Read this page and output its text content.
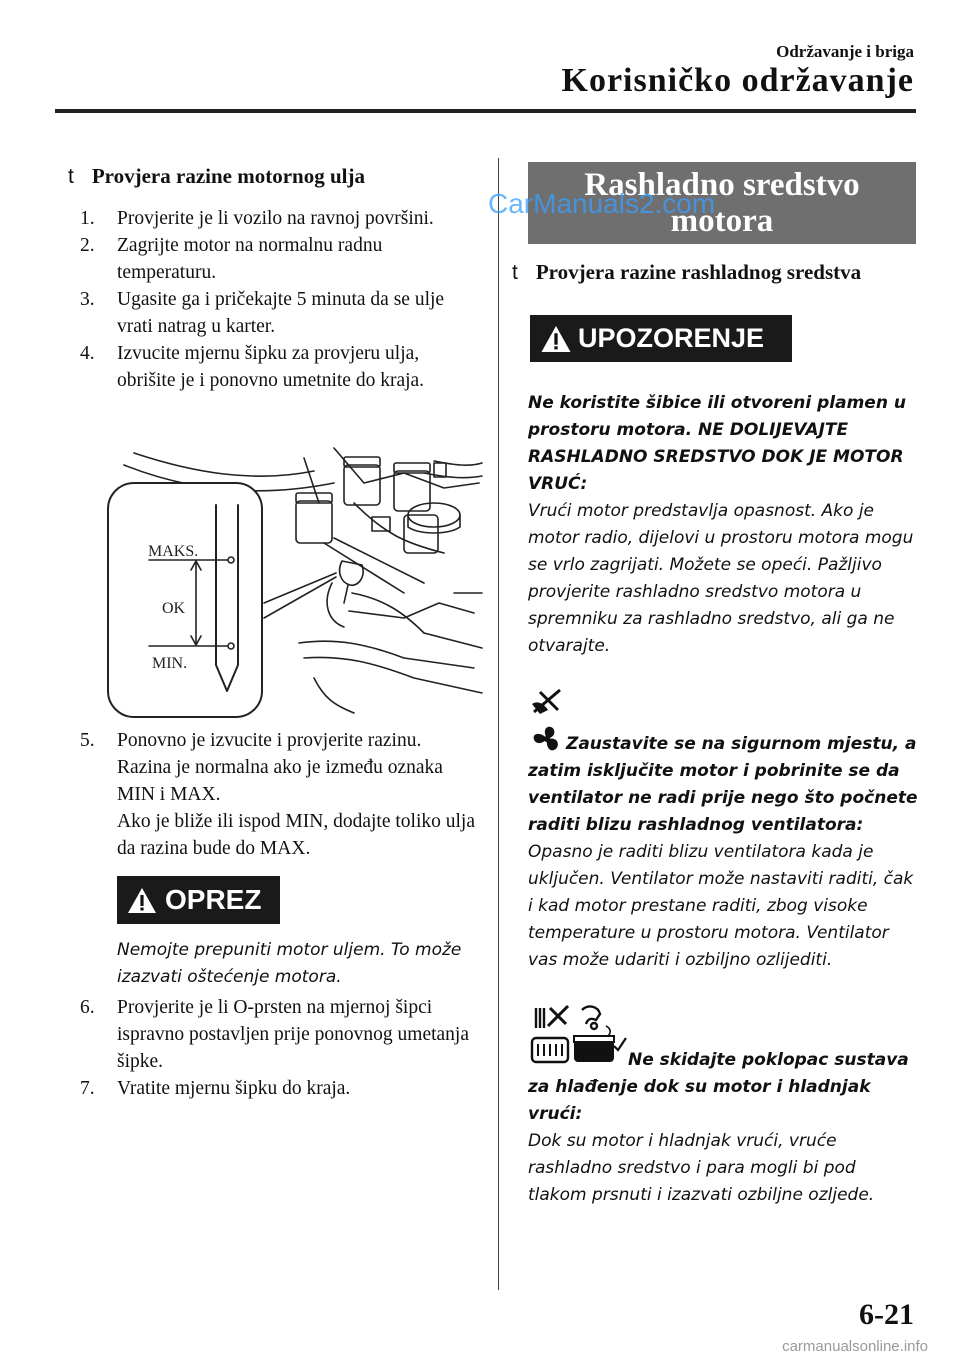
Održavanje i briga
Korisničko održavanje
t Provjera razine motornog ulja
1. Provjerite je li vozilo na ravnoj površini.
2. Zagrijte motor na normalnu radnu temperaturu.
3. Ugasite ga i pričekajte 5 minuta da se ulje vrati natrag u karter.
4. Izvucite mjernu šipku za provjeru ulja, obrišite je i ponovno umetnite do kraja.
MAKS.
OK
MIN.
5. Ponovno je izvucite i provjerite razinu. Razina je normalna ako je između oznaka MIN i MAX.
Ako je bliže ili ispod MIN, dodajte toliko ulja da razina bude do MAX.
OPREZ
Nemojte prepuniti motor uljem. To može izazvati oštećenje motora.
6. Provjerite je li O-prsten na mjernoj šipci ispravno postavljen prije ponovnog umetanja šipke.
7. Vratite mjernu šipku do kraja.
Rashladno sredstvo
motora
CarManuals2.com
t Provjera razine rashladnog sredstva
UPOZORENJE
Ne koristite šibice ili otvoreni plamen u prostoru motora. NE DOLIJEVAJTE RASHLADNO SREDSTVO DOK JE MOTOR VRUĆ:
Vrući motor predstavlja opasnost. Ako je motor radio, dijelovi u prostoru motora mogu se vrlo zagrijati. Možete se opeći. Pažljivo provjerite rashladno sredstvo motora u spremniku za rashladno sredstvo, ali ga ne otvarajte.
Zaustavite se na sigurnom mjestu, a zatim isključite motor i pobrinite se da ventilator ne radi prije nego što počnete raditi blizu rashladnog ventilatora:
Opasno je raditi blizu ventilatora kada je uključen. Ventilator može nastaviti raditi, čak i kad motor prestane raditi, zbog visoke temperature u prostoru motora. Ventilator vas može udariti i ozbiljno ozlijediti.
Ne skidajte poklopac sustava za hlađenje dok su motor i hladnjak vrući:
Dok su motor i hladnjak vrući, vruće rashladno sredstvo i para mogli bi pod tlakom prsnuti i izazvati ozbiljne ozljede.
6-21
carmanualsonline.info
